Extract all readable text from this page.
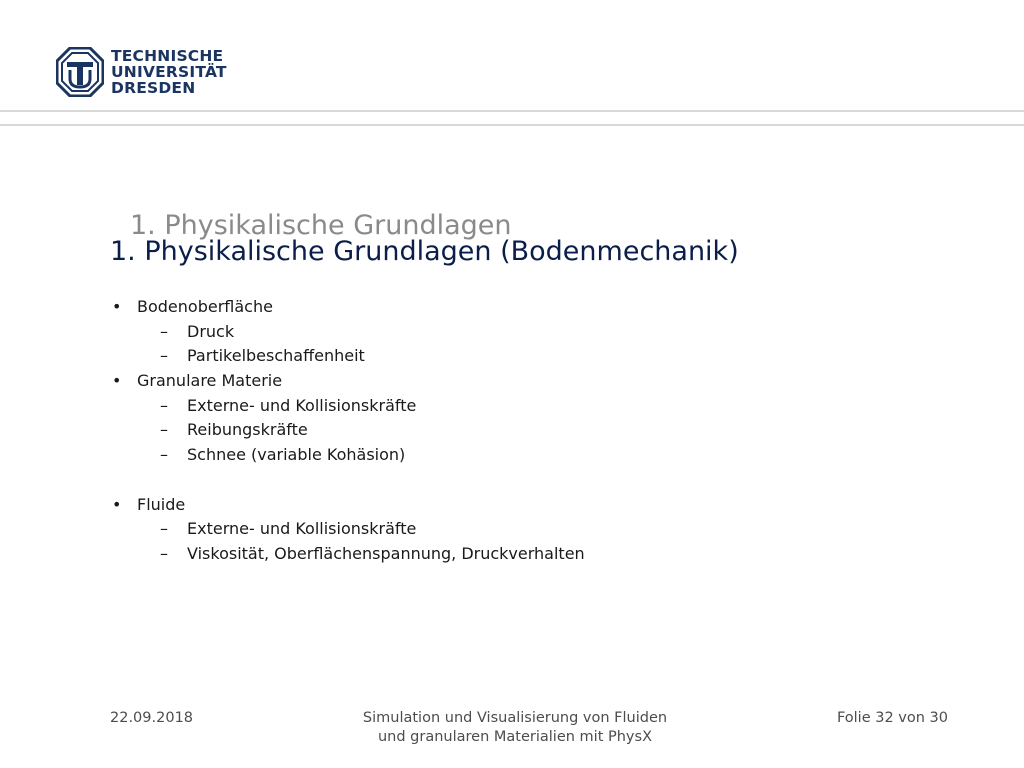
TECHNISCHE
UNIVERSITÄT
DRESDEN
1. Physikalische Grundlagen
1. Physikalische Grundlagen (Bodenmechanik)
• Bodenoberfläche
– Druck
– Partikelbeschaffenheit
• Granulare Materie
– Externe- und Kollisionskräfte
– Reibungskräfte
– Schnee (variable Kohäsion)
• Fluide
– Externe- und Kollisionskräfte
– Viskosität, Oberflächenspannung, Druckverhalten
22.09.2018	Simulation und Visualisierung von Fluiden
und granularen Materialien mit PhysX
Folie 32 von 30
